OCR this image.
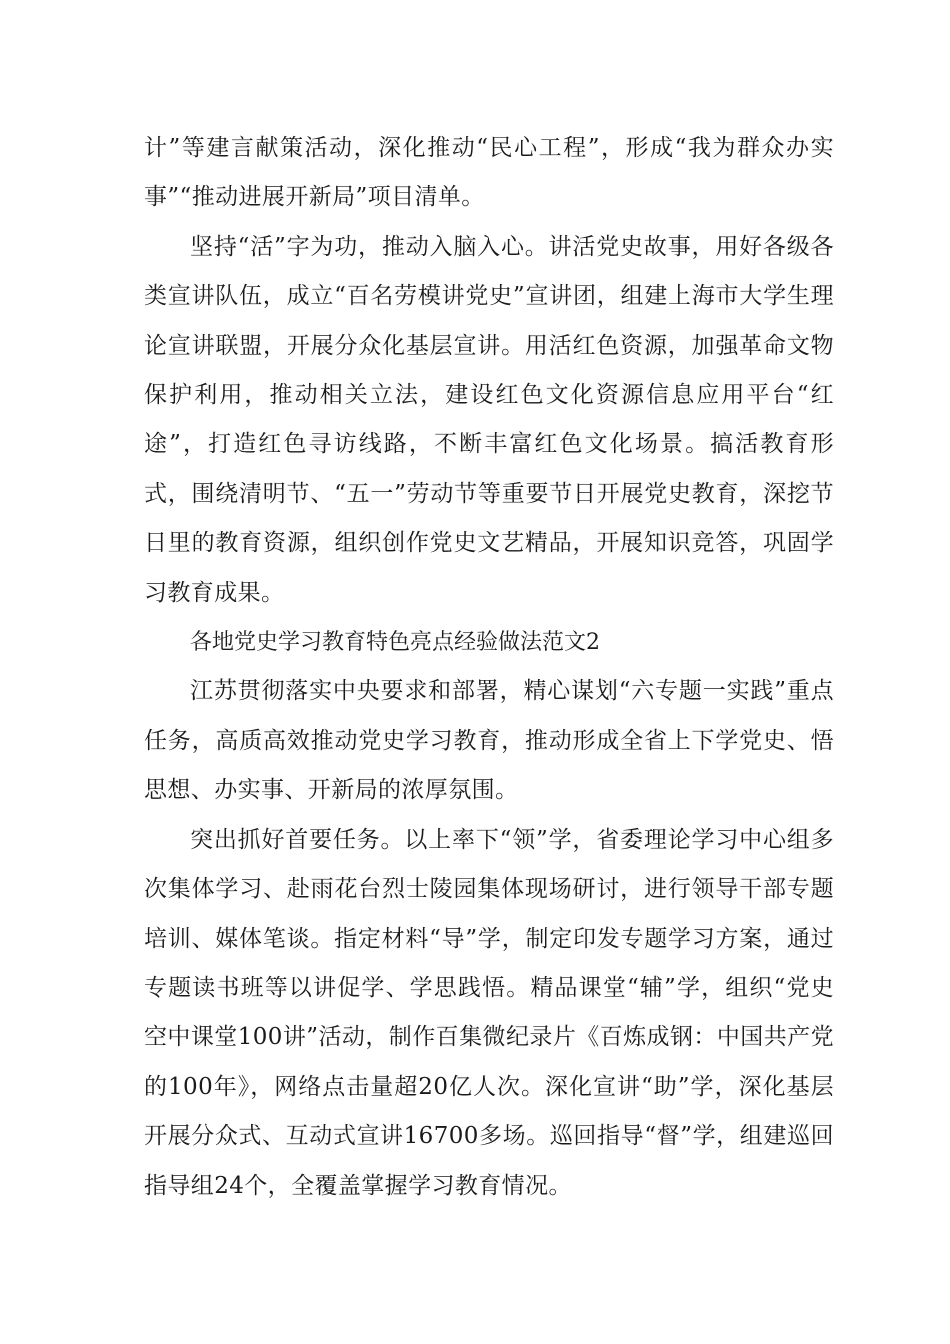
计”等建言献策活动，深化推动“民心工程”，形成“我为群众办实事”“推动进展开新局”项目清单。

坚持“活”字为功，推动入脑入心。讲活党史故事，用好各级各类宣讲队伍，成立“百名劳模讲党史”宣讲团，组建上海市大学生理论宣讲联盟，开展分众化基层宣讲。用活红色资源，加强革命文物保护利用，推动相关立法，建设红色文化资源信息应用平台“红途”，打造红色寻访线路，不断丰富红色文化场景。搞活教育形式，围绕清明节、“五一”劳动节等重要节日开展党史教育，深挖节日里的教育资源，组织创作党史文艺精品，开展知识竞答，巩固学习教育成果。

各地党史学习教育特色亮点经验做法范文2

江苏贯彻落实中央要求和部署，精心谋划“六专题一实践”重点任务，高质高效推动党史学习教育，推动形成全省上下学党史、悟思想、办实事、开新局的浓厚氛围。

突出抓好首要任务。以上率下“领”学，省委理论学习中心组多次集体学习、赴雨花台烈士陵园集体现场研讨，进行领导干部专题培训、媒体笔谈。指定材料“导”学，制定印发专题学习方案，通过专题读书班等以讲促学、学思践悟。精品课堂“辅”学，组织“党史空中课堂100讲”活动，制作百集微纪录片《百炼成钢：中国共产党的100年》，网络点击量超20亿人次。深化宣讲“助”学，深化基层开展分众式、互动式宣讲16700多场。巡回指导“督”学，组建巡回指导组24个，全覆盖掌握学习教育情况。
